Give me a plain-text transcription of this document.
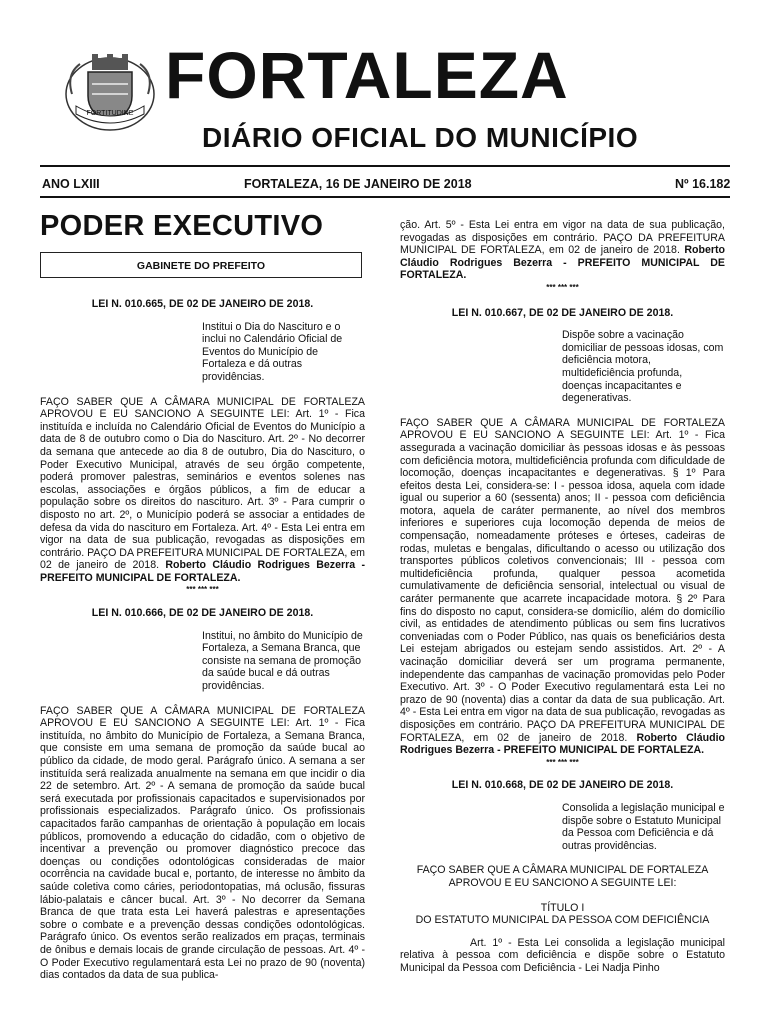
FORTITUDINE
FORTALEZA
DIÁRIO OFICIAL DO MUNICÍPIO
ANO LXIII	FORTALEZA, 16 DE JANEIRO DE 2018	Nº 16.182
PODER EXECUTIVO
GABINETE DO PREFEITO

LEI N. 010.665, DE 02 DE JANEIRO DE 2018.

Institui o Dia do Nascituro e o inclui no Calendário Oficial de Eventos do Município de Fortaleza e dá outras providências.

FAÇO SABER QUE A CÂMARA MUNICIPAL DE FORTALEZA APROVOU E EU SANCIONO A SEGUINTE LEI: Art. 1º - Fica instituída e incluída no Calendário Oficial de Eventos do Município a data de 8 de outubro como o Dia do Nascituro. Art. 2º - No decorrer da semana que antecede ao dia 8 de outubro, Dia do Nascituro, o Poder Executivo Municipal, através de seu órgão competente, poderá promover palestras, seminários e eventos solenes nas escolas, associações e órgãos públicos, a fim de educar a população sobre os direitos do nascituro. Art. 3º - Para cumprir o disposto no art. 2º, o Município poderá se associar a entidades de defesa da vida do nascituro em Fortaleza. Art. 4º - Esta Lei entra em vigor na data de sua publicação, revogadas as disposições em contrário. PAÇO DA PREFEITURA MUNICIPAL DE FORTALEZA, em 02 de janeiro de 2018. Roberto Cláudio Rodrigues Bezerra - PREFEITO MUNICIPAL DE FORTALEZA.

*** *** ***

LEI N. 010.666, DE 02 DE JANEIRO DE 2018.

Institui, no âmbito do Município de Fortaleza, a Semana Branca, que consiste na semana de promoção da saúde bucal e dá outras providências.

FAÇO SABER QUE A CÂMARA MUNICIPAL DE FORTALEZA APROVOU E EU SANCIONO A SEGUINTE LEI: Art. 1º - Fica instituída, no âmbito do Município de Fortaleza, a Semana Branca, que consiste em uma semana de promoção da saúde bucal ao público da cidade, de modo geral. Parágrafo único. A semana a ser instituída será realizada anualmente na semana em que incidir o dia 22 de setembro. Art. 2º - A semana de promoção da saúde bucal será executada por profissionais capacitados e supervisionados por profissionais especializados. Parágrafo único. Os profissionais capacitados farão campanhas de orientação à população em locais públicos, promovendo a educação do cidadão, com o objetivo de incentivar a prevenção ou promover diagnóstico precoce das doenças ou condições odontológicas consideradas de maior ocorrência na cavidade bucal e, portanto, de interesse no âmbito da saúde coletiva como cáries, periodontopatias, má oclusão, fissuras lábio-palatais e câncer bucal. Art. 3º - No decorrer da Semana Branca de que trata esta Lei haverá palestras e apresentações sobre o combate e a prevenção dessas condições odontológicas. Parágrafo único. Os eventos serão realizados em praças, terminais de ônibus e demais locais de grande circulação de pessoas. Art. 4º - O Poder Executivo regulamentará esta Lei no prazo de 90 (noventa) dias contados da data de sua publica-

ção. Art. 5º - Esta Lei entra em vigor na data de sua publicação, revogadas as disposições em contrário. PAÇO DA PREFEITURA MUNICIPAL DE FORTALEZA, em 02 de janeiro de 2018. Roberto Cláudio Rodrigues Bezerra - PREFEITO MUNICIPAL DE FORTALEZA.

*** *** ***

LEI N. 010.667, DE 02 DE JANEIRO DE 2018.

Dispõe sobre a vacinação domiciliar de pessoas idosas, com deficiência motora, multideficiência profunda, doenças incapacitantes e degenerativas.

FAÇO SABER QUE A CÂMARA MUNICIPAL DE FORTALEZA APROVOU E EU SANCIONO A SEGUINTE LEI: Art. 1º - Fica assegurada a vacinação domiciliar às pessoas idosas e às pessoas com deficiência motora, multideficiência profunda com dificuldade de locomoção, doenças incapacitantes e degenerativas. § 1º Para efeitos desta Lei, considera-se: I - pessoa idosa, aquela com idade igual ou superior a 60 (sessenta) anos; II - pessoa com deficiência motora, aquela de caráter permanente, ao nível dos membros inferiores e superiores cuja locomoção dependa de meios de compensação, nomeadamente próteses e órteses, cadeiras de rodas, muletas e bengalas, dificultando o acesso ou utilização dos transportes públicos coletivos convencionais; III - pessoa com multideficiência profunda, qualquer pessoa acometida cumulativamente de deficiência sensorial, intelectual ou visual de caráter permanente que acarrete incapacidade motora. § 2º Para fins do disposto no caput, considera-se domicílio, além do domicílio civil, as entidades de atendimento públicas ou sem fins lucrativos conveniadas com o Poder Público, nas quais os beneficiários desta Lei estejam abrigados ou estejam sendo assistidos. Art. 2º - A vacinação domiciliar deverá ser um programa permanente, independente das campanhas de vacinação promovidas pelo Poder Executivo. Art. 3º - O Poder Executivo regulamentará esta Lei no prazo de 90 (noventa) dias a contar da data de sua publicação. Art. 4º - Esta Lei entra em vigor na data de sua publicação, revogadas as disposições em contrário. PAÇO DA PREFEITURA MUNICIPAL DE FORTALEZA, em 02 de janeiro de 2018. Roberto Cláudio Rodrigues Bezerra - PREFEITO MUNICIPAL DE FORTALEZA.

*** *** ***

LEI N. 010.668, DE 02 DE JANEIRO DE 2018.

Consolida a legislação municipal e dispõe sobre o Estatuto Municipal da Pessoa com Deficiência e dá outras providências.

FAÇO SABER QUE A CÂMARA MUNICIPAL DE FORTALEZA APROVOU E EU SANCIONO A SEGUINTE LEI:

TÍTULO I

DO ESTATUTO MUNICIPAL DA PESSOA COM DEFICIÊNCIA

Art. 1º - Esta Lei consolida a legislação municipal relativa à pessoa com deficiência e dispõe sobre o Estatuto Municipal da Pessoa com Deficiência - Lei Nadja Pinho
